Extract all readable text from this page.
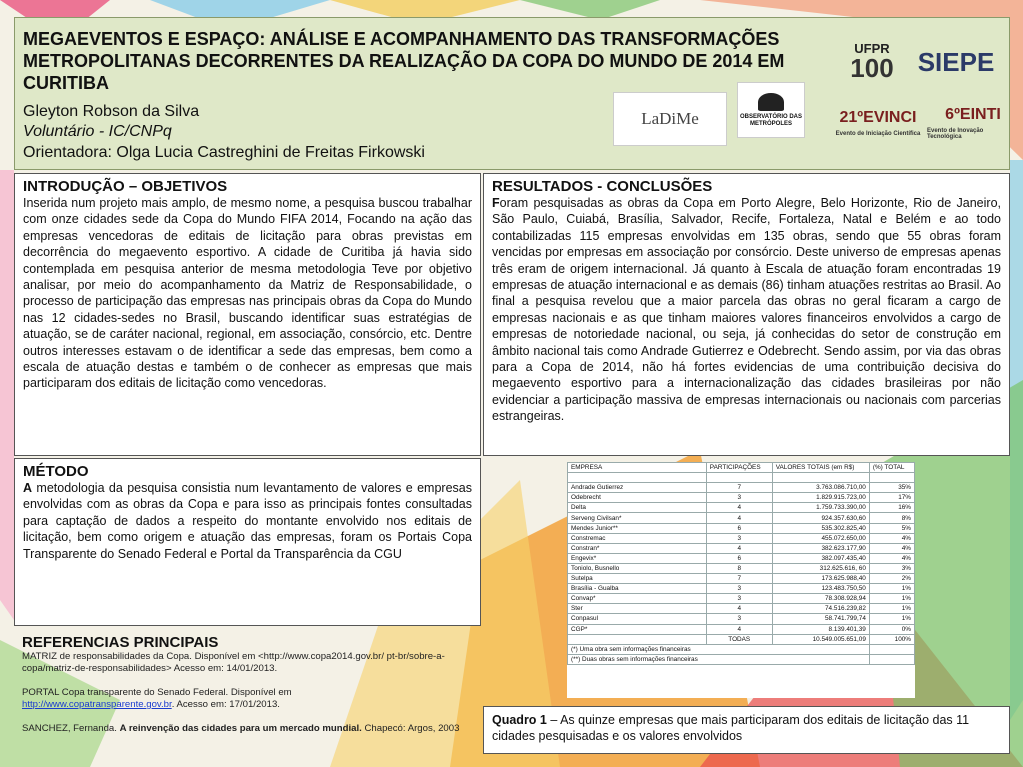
MEGAEVENTOS E ESPAÇO: ANÁLISE E ACOMPANHAMENTO DAS TRANSFORMAÇÕES METROPOLITANAS DECORRENTES DA REALIZAÇÃO DA COPA DO MUNDO DE 2014 EM CURITIBA
Gleyton Robson da Silva
Voluntário - IC/CNPq
Orientadora: Olga Lucia Castreghini de Freitas Firkowski
LaDiMe	OBSERVATÓRIO DAS METRÓPOLES
UFPR
100 SIEPE
21ºEVINCI
Evento de Iniciação Científica
6ºEINTI
Evento de Inovação Tecnológica
INTRODUÇÃO – OBJETIVOS
Inserida num projeto mais amplo, de mesmo nome, a pesquisa buscou trabalhar com onze cidades sede da Copa do Mundo FIFA 2014, Focando na ação das empresas vencedoras de editais de licitação para obras previstas em decorrência do megaevento esportivo. A cidade de Curitiba já havia sido contemplada em pesquisa anterior de mesma metodologia Teve por objetivo analisar, por meio do acompanhamento da Matriz de Responsabilidade, o processo de participação das empresas nas principais obras da Copa do Mundo nas 12 cidades-sedes no Brasil, buscando identificar suas estratégias de atuação, se de caráter nacional, regional, em associação, consórcio, etc. Dentre outros interesses estavam o de identificar a sede das empresas, bem como a escala de atuação destas e também o de conhecer as empresas que mais participaram dos editais de licitação como vencedoras.
RESULTADOS - CONCLUSÕES
Foram pesquisadas as obras da Copa em Porto Alegre, Belo Horizonte, Rio de Janeiro, São Paulo, Cuiabá, Brasília, Salvador, Recife, Fortaleza, Natal e Belém e ao todo contabilizadas 115 empresas envolvidas em 135 obras, sendo que 55 obras foram vencidas por empresas em associação por consórcio. Deste universo de empresas apenas três eram de origem internacional. Já quanto à Escala de atuação foram encontradas 19 empresas de atuação internacional e as demais (86) tinham atuações restritas ao Brasil. Ao final a pesquisa revelou que a maior parcela das obras no geral ficaram a cargo de empresas nacionais e as que tinham maiores valores financeiros envolvidos a cargo de empresas de notoriedade nacional, ou seja, já conhecidas do setor de construção em âmbito nacional tais como Andrade Gutierrez e Odebrecht. Sendo assim, por via das obras para a Copa de 2014, não há fortes evidencias de uma contribuição decisiva do megaevento esportivo para a internacionalização das cidades brasileiras por não evidenciar a participação massiva de empresas internacionais ou nacionais com parcerias estrangeiras.
MÉTODO
A metodologia da pesquisa consistia num levantamento de valores e empresas envolvidas com as obras da Copa e para isso as principais fontes consultadas para captação de dados a respeito do montante envolvido nos editais de licitação, bem como origem e atuação das empresas, foram os Portais Copa Transparente do Senado Federal e Portal da Transparência da CGU
REFERENCIAS PRINCIPAIS

MATRIZ de responsabilidades da Copa. Disponível em <http://www.copa2014.gov.br/ pt-br/sobre-a-copa/matriz-de-responsabilidades> Acesso em: 14/01/2013.

PORTAL Copa transparente do Senado Federal. Disponível em
http://www.copatransparente.gov.br. Acesso em: 17/01/2013.

SANCHEZ, Fernanda. A reinvenção das cidades para um mercado mundial. Chapecó: Argos, 2003

EMPRESA	PARTICIPAÇÕES	VALORES TOTAIS (em R$)	(%) TOTAL

Andrade Gutierrez	7	3.763.086.710,00	35%
Odebrecht	3	1.829.915.723,00	17%
Delta	4	1.759.733.390,00	16%
Serveng Civilsan*	4	924.357.630,60	8%
Mendes Junior**	6	535.302.825,40	5%
Constremac	3	455.072.650,00	4%
Constran*	4	382.623.177,90	4%
Engevix*	6	382.097.435,40	4%
Toniolo, Busnello	8	312.625.616, 60	3%
Sutelpa	7	173.625.988,40	2%
Brasília - Gualba	3	123.483.750,50	1%
Convap*	3	78.308.928,94	1%
Ster	4	74.516.239,82	1%
Conpasul	3	58.741.799,74	1%
CGP*	4	8.139.401,39	0%
	TODAS	10.549.005.651,09	100%
(*) Uma obra sem informações financeiras			
(**) Duas obras sem informações financeiras			
Quadro 1 – As quinze empresas que mais participaram dos editais de licitação das 11 cidades pesquisadas e os valores envolvidos
